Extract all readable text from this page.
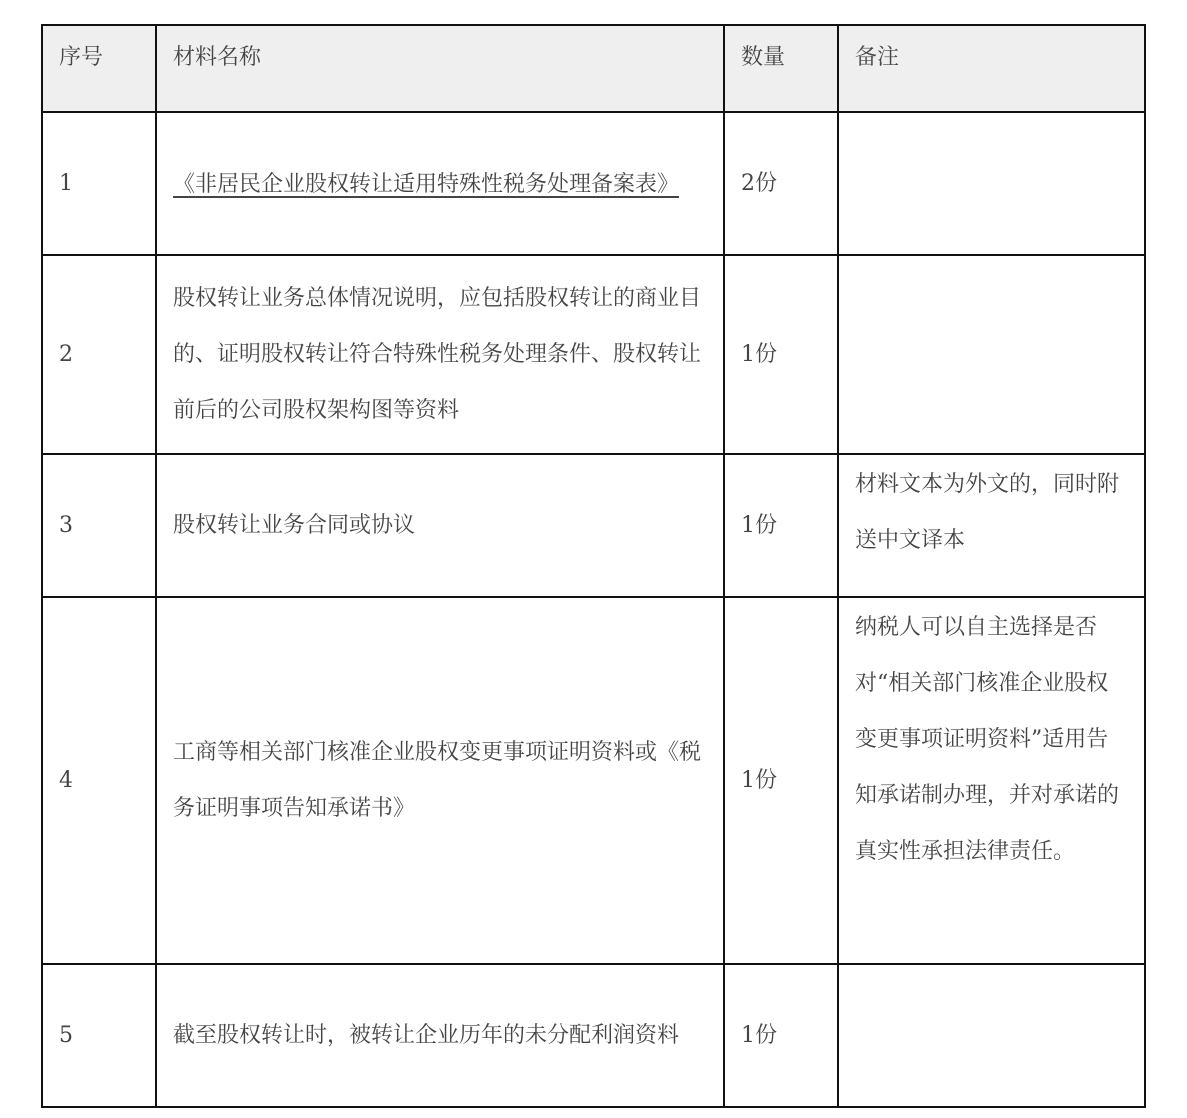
序号	材料名称	数量	备注
1	《非居民企业股权转让适用特殊性税务处理备案表》	2份	
2	股权转让业务总体情况说明，应包括股权转让的商业目的、证明股权转让符合特殊性税务处理条件、股权转让前后的公司股权架构图等资料	1份	
3	股权转让业务合同或协议	1份	材料文本为外文的，同时附送中文译本
4	工商等相关部门核准企业股权变更事项证明资料或《税务证明事项告知承诺书》	1份	纳税人可以自主选择是否对“相关部门核准企业股权变更事项证明资料”适用告知承诺制办理，并对承诺的真实性承担法律责任。
5	截至股权转让时，被转让企业历年的未分配利润资料	1份	
